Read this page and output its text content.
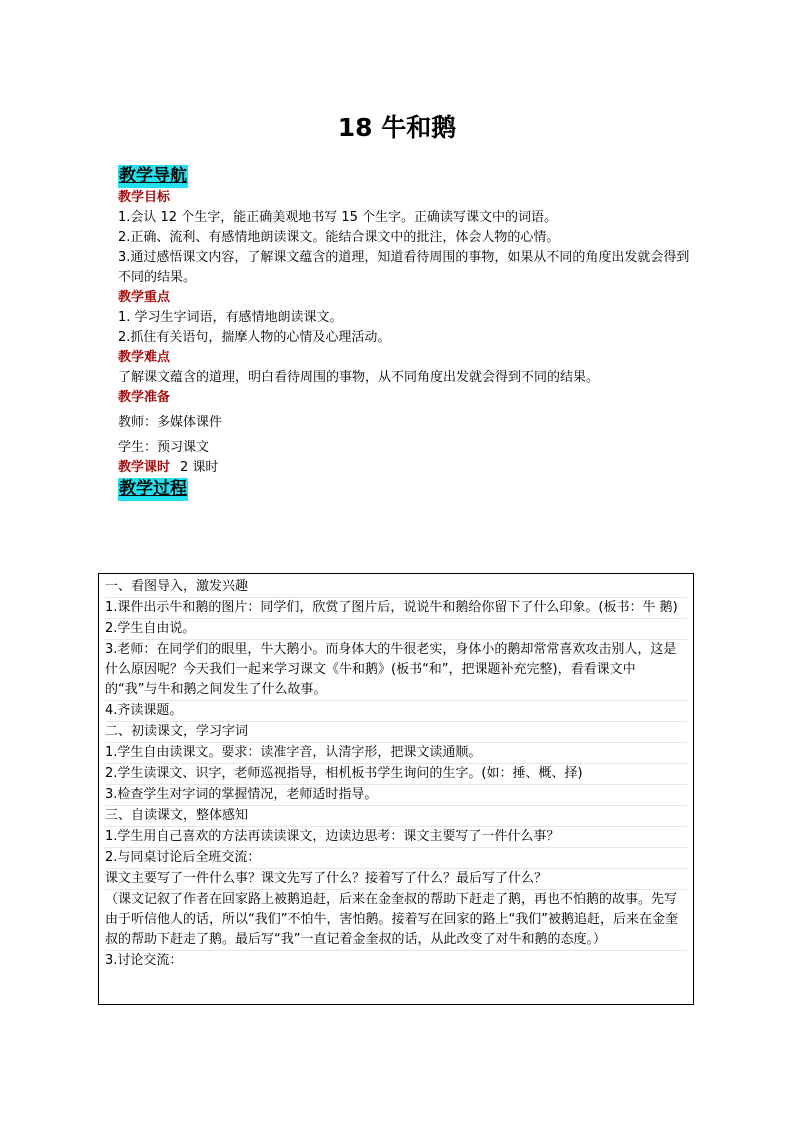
18 牛和鹅
教学导航
教学目标
1.会认 12 个生字，能正确美观地书写 15 个生字。正确读写课文中的词语。
2.正确、流利、有感情地朗读课文。能结合课文中的批注，体会人物的心情。
3.通过感悟课文内容，了解课文蕴含的道理，知道看待周围的事物，如果从不同的角度出发就会得到不同的结果。
教学重点
1. 学习生字词语，有感情地朗读课文。
2.抓住有关语句，揣摩人物的心情及心理活动。
教学难点
了解课文蕴含的道理，明白看待周围的事物，从不同角度出发就会得到不同的结果。
教学准备
教师：多媒体课件
学生：预习课文
教学课时 2 课时
教学过程
一、看图导入，激发兴趣
1.课件出示牛和鹅的图片：同学们，欣赏了图片后，说说牛和鹅给你留下了什么印象。(板书：牛 鹅)
2.学生自由说。
3.老师：在同学们的眼里，牛大鹅小。而身体大的牛很老实，身体小的鹅却常常喜欢攻击别人，这是什么原因呢？今天我们一起来学习课文《牛和鹅》(板书“和”，把课题补充完整)，看看课文中的“我”与牛和鹅之间发生了什么故事。
4.齐读课题。
二、初读课文，学习字词
1.学生自由读课文。要求：读准字音，认清字形，把课文读通顺。
2.学生读课文、识字，老师巡视指导，相机板书学生询问的生字。(如：捶、概、择)
3.检查学生对字词的掌握情况，老师适时指导。
三、自读课文，整体感知
1.学生用自己喜欢的方法再读读课文，边读边思考：课文主要写了一件什么事？
2.与同桌讨论后全班交流：
课文主要写了一件什么事？课文先写了什么？接着写了什么？最后写了什么？
（课文记叙了作者在回家路上被鹅追赶，后来在金奎叔的帮助下赶走了鹅，再也不怕鹅的故事。先写由于听信他人的话，所以“我们”不怕牛，害怕鹅。接着写在回家的路上“我们”被鹅追赶，后来在金奎叔的帮助下赶走了鹅。最后写“我”一直记着金奎叔的话，从此改变了对牛和鹅的态度。）
3.讨论交流：
